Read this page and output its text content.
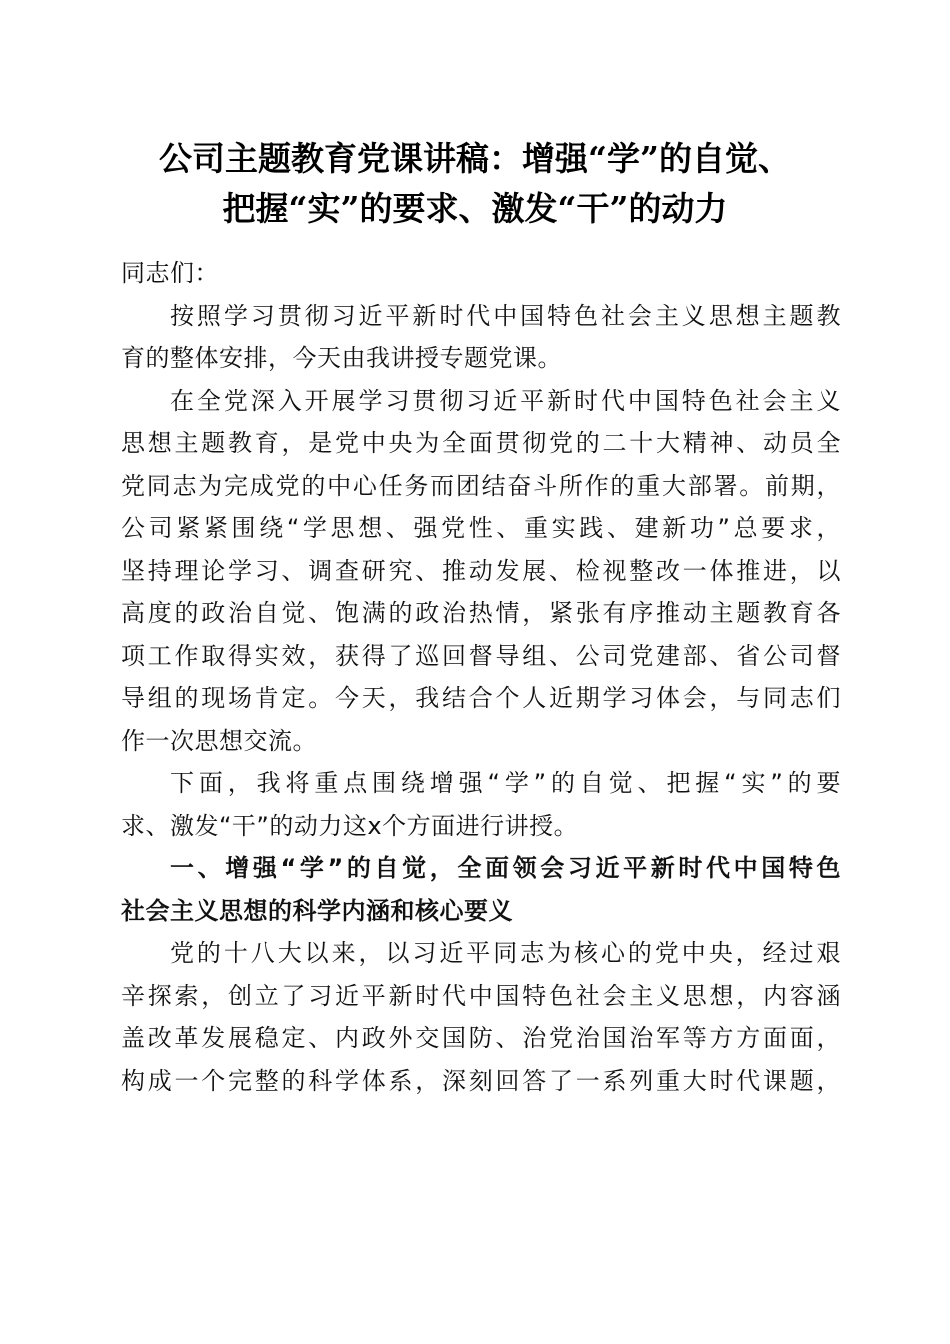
公司主题教育党课讲稿：增强“学”的自觉、
把握“实”的要求、激发“干”的动力
同志们：
按照学习贯彻习近平新时代中国特色社会主义思想主题教
育的整体安排，今天由我讲授专题党课。
在全党深入开展学习贯彻习近平新时代中国特色社会主义
思想主题教育，是党中央为全面贯彻党的二十大精神、动员全
党同志为完成党的中心任务而团结奋斗所作的重大部署。前期，
公司紧紧围绕“学思想、强党性、重实践、建新功”总要求，
坚持理论学习、调查研究、推动发展、检视整改一体推进，以
高度的政治自觉、饱满的政治热情，紧张有序推动主题教育各
项工作取得实效，获得了巡回督导组、公司党建部、省公司督
导组的现场肯定。今天，我结合个人近期学习体会，与同志们
作一次思想交流。
下面，我将重点围绕增强“学”的自觉、把握“实”的要
求、激发“干”的动力这x个方面进行讲授。
一、增强“学”的自觉，全面领会习近平新时代中国特色
社会主义思想的科学内涵和核心要义
党的十八大以来，以习近平同志为核心的党中央，经过艰
辛探索，创立了习近平新时代中国特色社会主义思想，内容涵
盖改革发展稳定、内政外交国防、治党治国治军等方方面面，
构成一个完整的科学体系，深刻回答了一系列重大时代课题，
